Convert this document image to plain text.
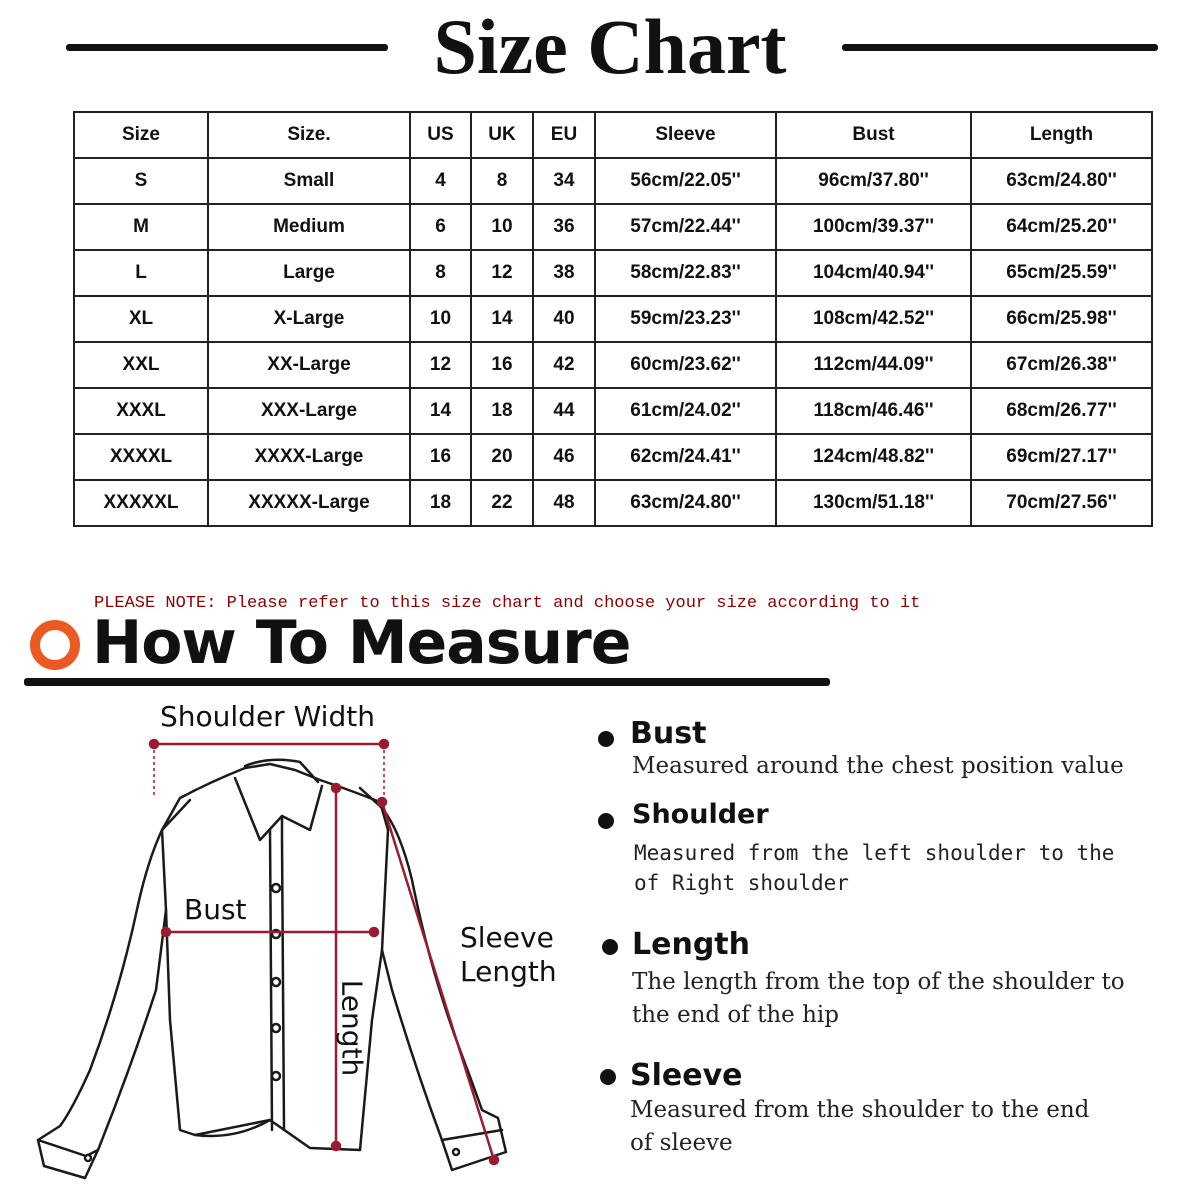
Size Chart
Size	Size.	US	UK	EU	Sleeve	Bust	Length
S	Small	4	8	34	56cm/22.05''	96cm/37.80''	63cm/24.80''
M	Medium	6	10	36	57cm/22.44''	100cm/39.37''	64cm/25.20''
L	Large	8	12	38	58cm/22.83''	104cm/40.94''	65cm/25.59''
XL	X-Large	10	14	40	59cm/23.23''	108cm/42.52''	66cm/25.98''
XXL	XX-Large	12	16	42	60cm/23.62''	112cm/44.09''	67cm/26.38''
XXXL	XXX-Large	14	18	44	61cm/24.02''	118cm/46.46''	68cm/26.77''
XXXXL	XXXX-Large	16	20	46	62cm/24.41''	124cm/48.82''	69cm/27.17''
XXXXXL	XXXXX-Large	18	22	48	63cm/24.80''	130cm/51.18''	70cm/27.56''
PLEASE NOTE: Please refer to this size chart and choose your size according to it
How To Measure
Shoulder Width
Bust
Sleeve
Length
Length
Bust
Measured around the chest position value
Shoulder
Measured from the left shoulder to the
of Right shoulder
Length
The length from the top of the shoulder to
the end of the hip
Sleeve
Measured from the shoulder to the end
of sleeve
